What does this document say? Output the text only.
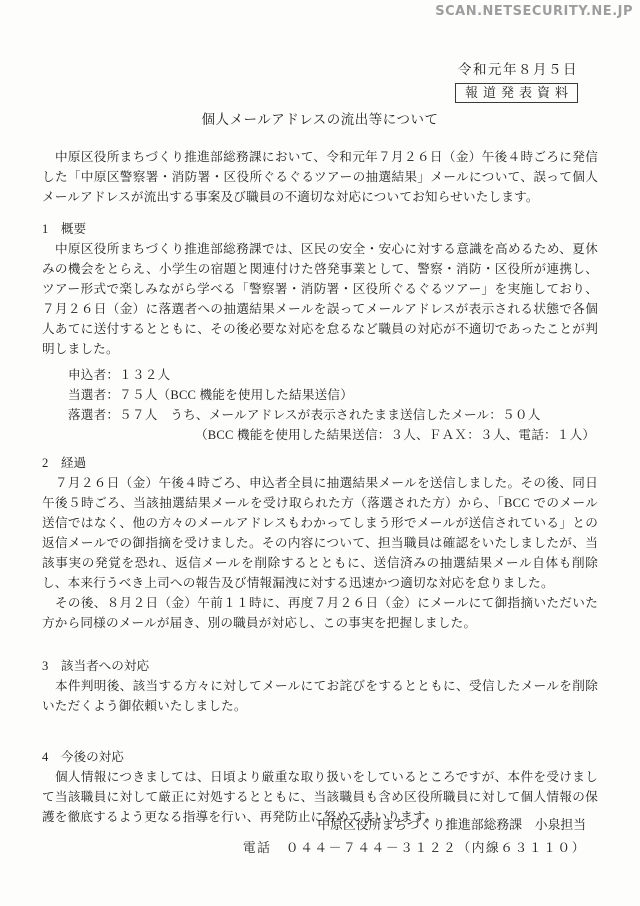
SCAN.NETSECURITY.NE.JP
令和元年８月５日
報道発表資料
個人メールアドレスの流出等について

　中原区役所まちづくり推進部総務課において、令和元年７月２６日（金）午後４時ごろに発信した「中原区警察署・消防署・区役所ぐるぐるツアーの抽選結果」メールについて、誤って個人メールアドレスが流出する事案及び職員の不適切な対応についてお知らせいたします。

1　概要

　中原区役所まちづくり推進部総務課では、区民の安全・安心に対する意識を高めるため、夏休みの機会をとらえ、小学生の宿題と関連付けた啓発事業として、警察・消防・区役所が連携し、ツアー形式で楽しみながら学べる「警察署・消防署・区役所ぐるぐるツアー」を実施しており、７月２６日（金）に落選者への抽選結果メールを誤ってメールアドレスが表示される状態で各個人あてに送付するとともに、その後必要な対応を怠るなど職員の対応が不適切であったことが判明しました。

申込者：１３２人
当選者：７５人（BCC 機能を使用した結果送信）
落選者：５７人　うち、メールアドレスが表示されたまま送信したメール：５０人
（BCC 機能を使用した結果送信：３人、ＦＡＸ：３人、電話：１人）
2　経過

　７月２６日（金）午後４時ごろ、申込者全員に抽選結果メールを送信しました。その後、同日午後５時ごろ、当該抽選結果メールを受け取られた方（落選された方）から、「BCC でのメール送信ではなく、他の方々のメールアドレスもわかってしまう形でメールが送信されている」との返信メールでの御指摘を受けました。その内容について、担当職員は確認をいたしましたが、当該事実の発覚を恐れ、返信メールを削除するとともに、送信済みの抽選結果メール自体も削除し、本来行うべき上司への報告及び情報漏洩に対する迅速かつ適切な対応を怠りました。

　その後、８月２日（金）午前１１時に、再度７月２６日（金）にメールにて御指摘いただいた方から同様のメールが届き、別の職員が対応し、この事実を把握しました。

3　該当者への対応

　本件判明後、該当する方々に対してメールにてお詫びをするとともに、受信したメールを削除いただくよう御依頼いたしました。

4　今後の対応

　個人情報につきましては、日頃より厳重な取り扱いをしているところですが、本件を受けまして当該職員に対して厳正に対処するとともに、当該職員も含め区役所職員に対して個人情報の保護を徹底するよう更なる指導を行い、再発防止に努めてまいります。

中原区役所まちづくり推進部総務課　小泉担当
電話　０４４－７４４－３１２２（内線６３１１０）
